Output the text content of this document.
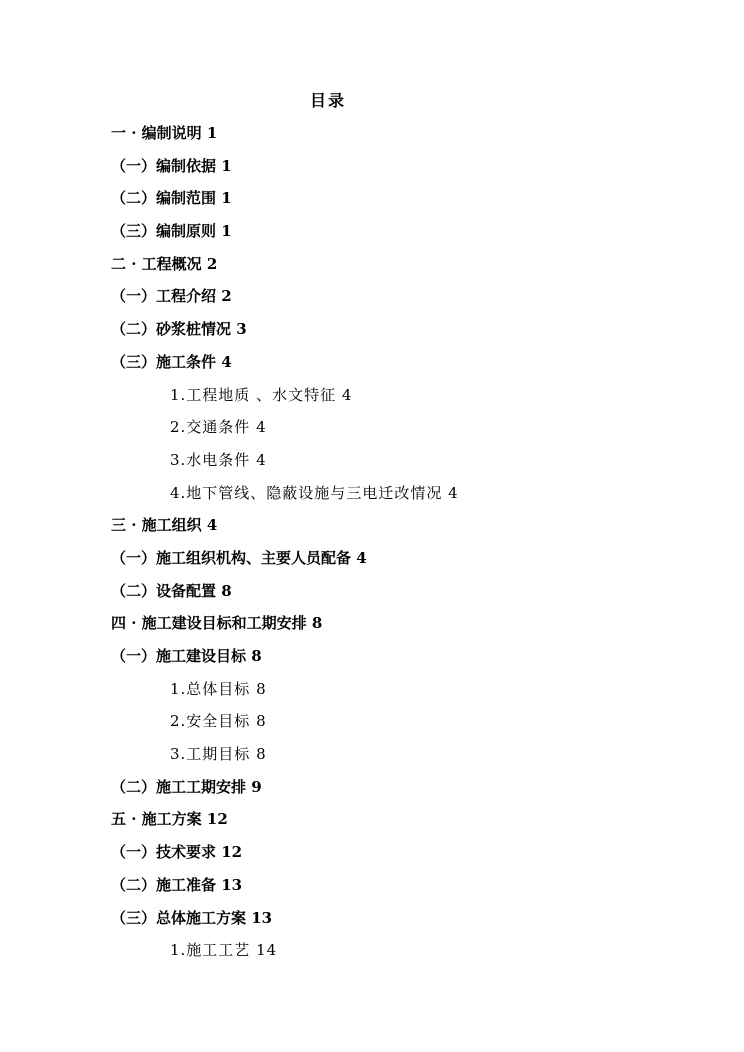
目录
一 · 编制说明 1
（一）编制依据 1
（二）编制范围 1
（三）编制原则 1
二 · 工程概况 2
（一）工程介绍 2
（二）砂浆桩情况 3
（三）施工条件 4
1.工程地质 、水文特征 4
2.交通条件 4
3.水电条件 4
4.地下管线、隐蔽设施与三电迁改情况 4
三 · 施工组织 4
（一）施工组织机构、主要人员配备 4
（二）设备配置 8
四 · 施工建设目标和工期安排 8
（一）施工建设目标 8
1.总体目标 8
2.安全目标 8
3.工期目标 8
（二）施工工期安排 9
五 · 施工方案 12
（一）技术要求 12
（二）施工准备 13
（三）总体施工方案 13
1.施工工艺 14
